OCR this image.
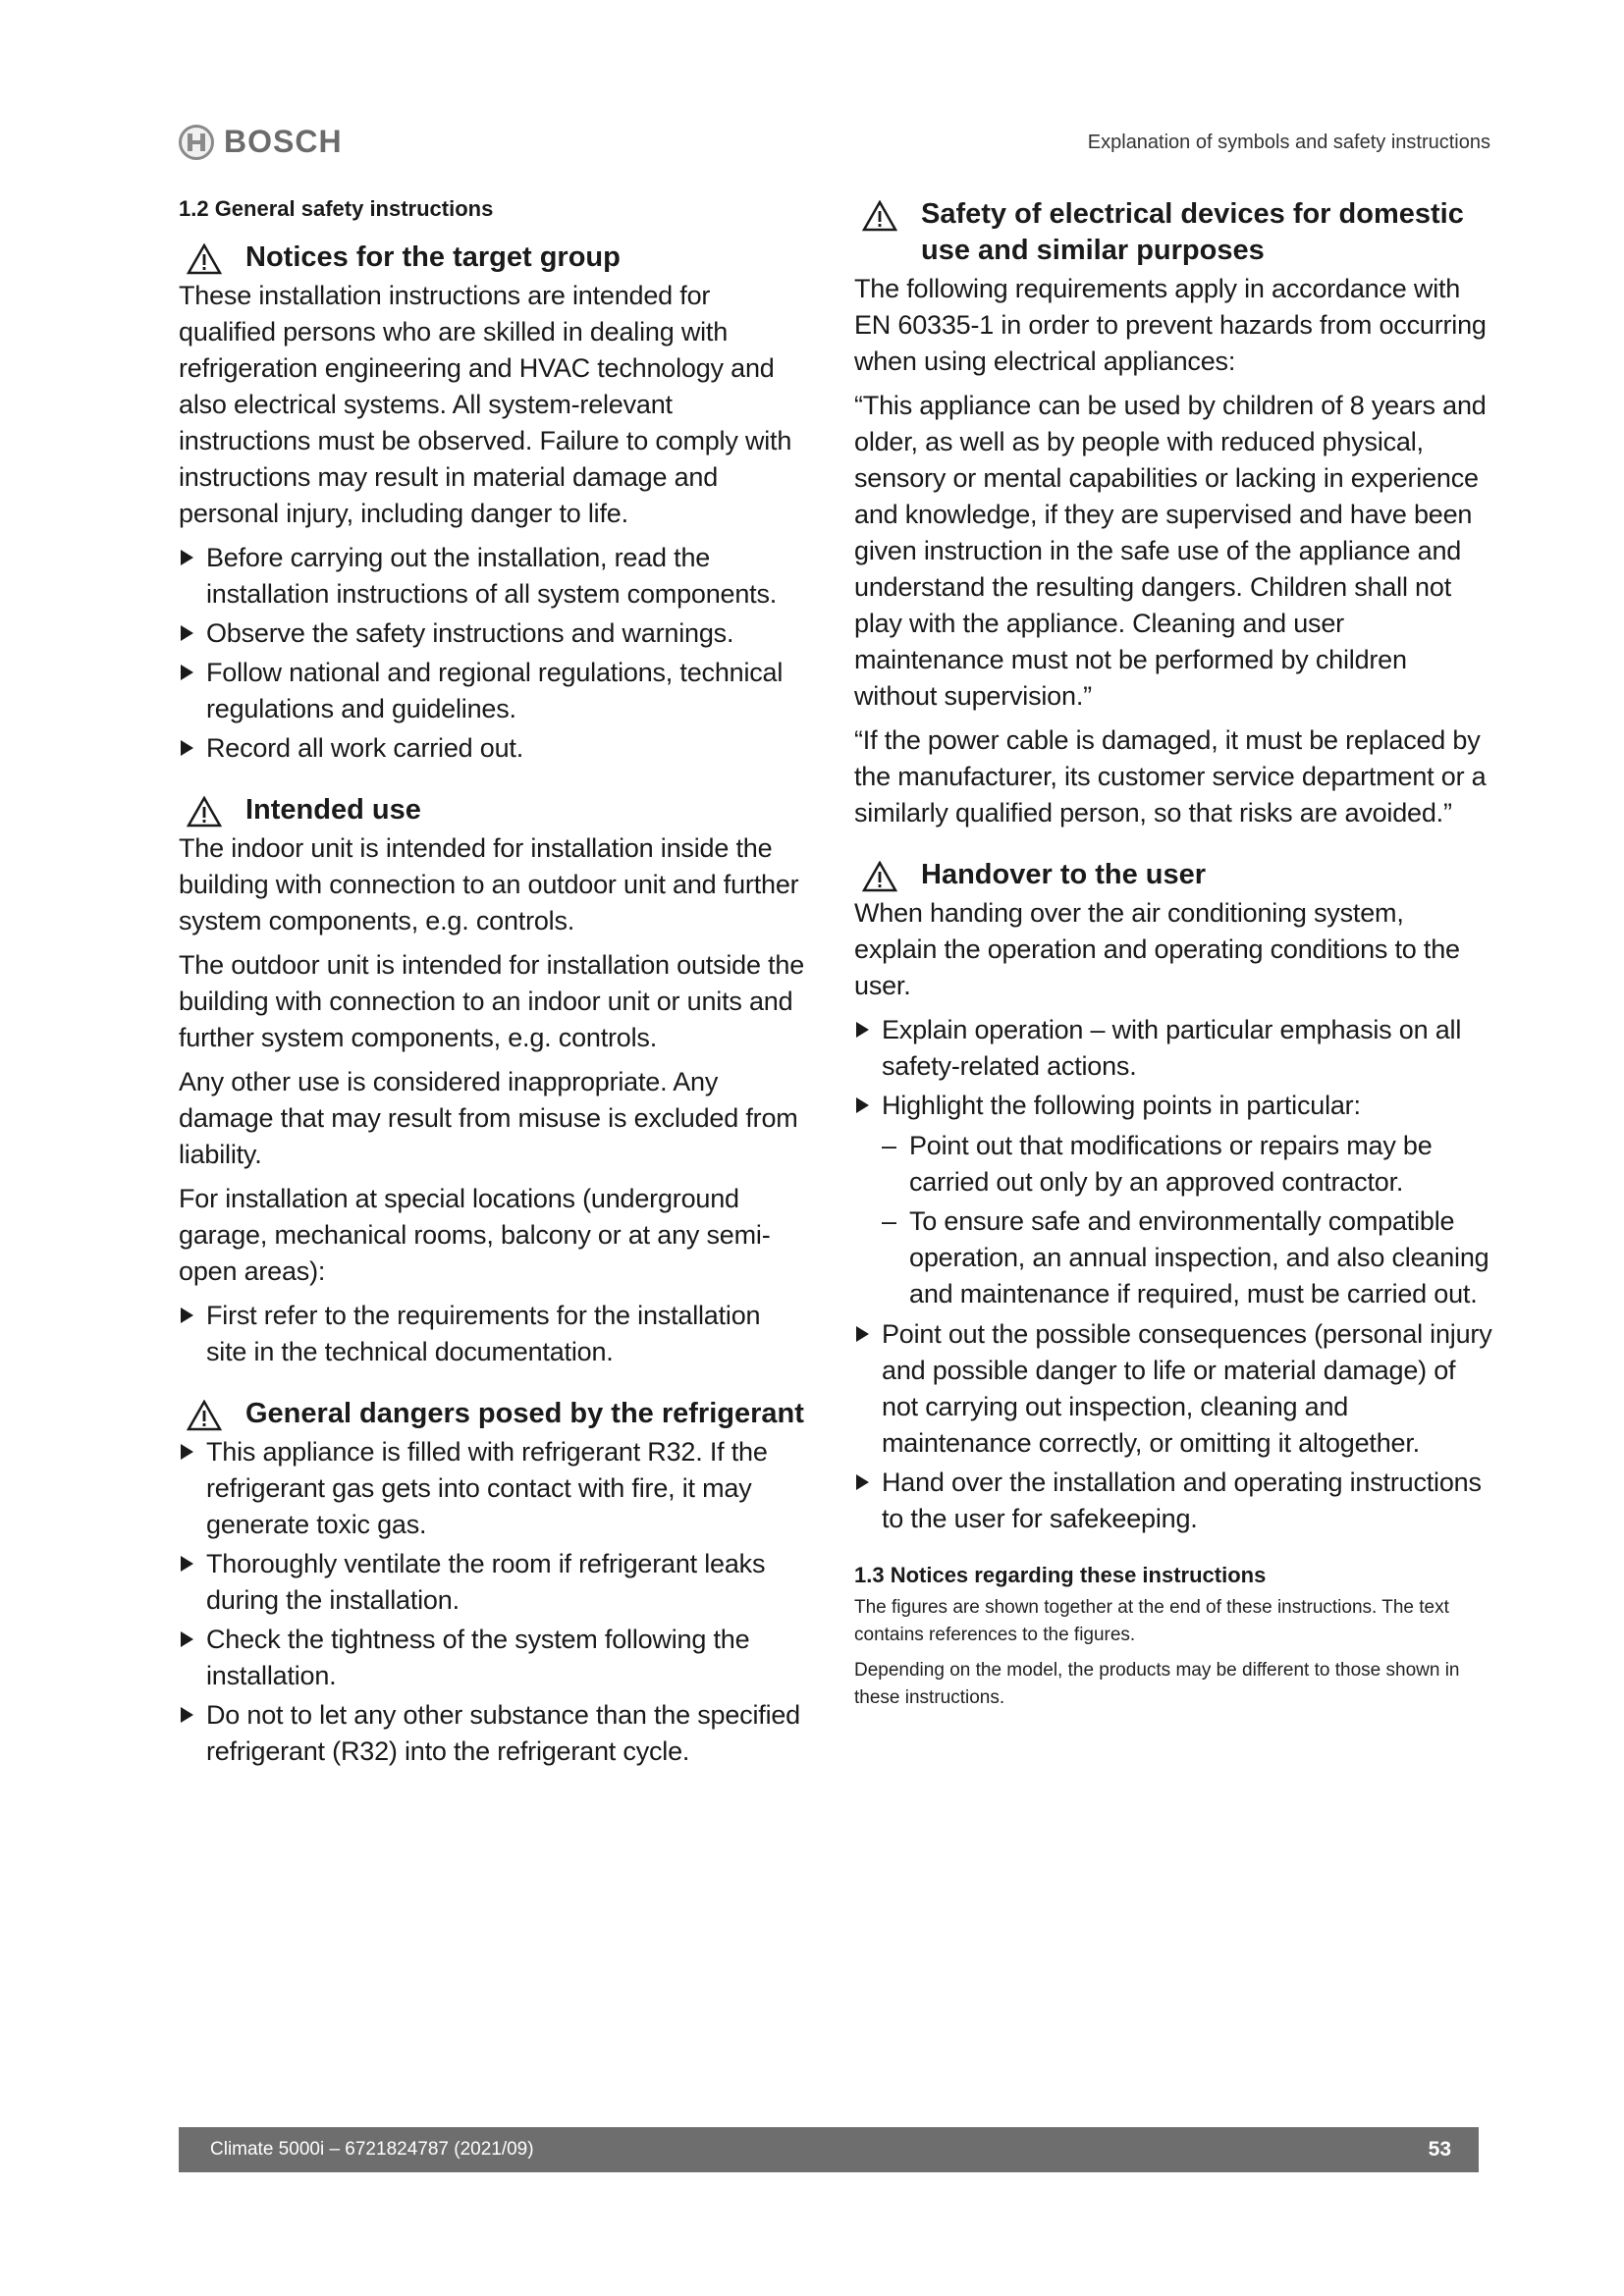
BOSCH	Explanation of symbols and safety instructions
1.2 General safety instructions
Notices for the target group

These installation instructions are intended for qualified persons who are skilled in dealing with refrigeration engineering and HVAC technology and also electrical systems. All system-relevant instructions must be observed. Failure to comply with instructions may result in material damage and personal injury, including danger to life.

Before carrying out the installation, read the installation instructions of all system components.
Observe the safety instructions and warnings.
Follow national and regional regulations, technical regulations and guidelines.
Record all work carried out.
Intended use

The indoor unit is intended for installation inside the building with connection to an outdoor unit and further system components, e.g. controls.

The outdoor unit is intended for installation outside the building with connection to an indoor unit or units and further system components, e.g. controls.

Any other use is considered inappropriate. Any damage that may result from misuse is excluded from liability.

For installation at special locations (underground garage, mechanical rooms, balcony or at any semi-open areas):

First refer to the requirements for the installation site in the technical documentation.
General dangers posed by the refrigerant
This appliance is filled with refrigerant R32. If the refrigerant gas gets into contact with fire, it may generate toxic gas.
Thoroughly ventilate the room if refrigerant leaks during the installation.
Check the tightness of the system following the installation.
Do not to let any other substance than the specified refrigerant (R32) into the refrigerant cycle.
Safety of electrical devices for domestic use and similar purposes

The following requirements apply in accordance with EN 60335-1 in order to prevent hazards from occurring when using electrical appliances:

“This appliance can be used by children of 8 years and older, as well as by people with reduced physical, sensory or mental capabilities or lacking in experience and knowledge, if they are supervised and have been given instruction in the safe use of the appliance and understand the resulting dangers. Children shall not play with the appliance. Cleaning and user maintenance must not be performed by children without supervision.”

“If the power cable is damaged, it must be replaced by the manufacturer, its customer service department or a similarly qualified person, so that risks are avoided.”

Handover to the user

When handing over the air conditioning system, explain the operation and operating conditions to the user.

Explain operation – with particular emphasis on all safety-related actions.
Highlight the following points in particular:
– Point out that modifications or repairs may be carried out only by an approved contractor.
– To ensure safe and environmentally compatible operation, an annual inspection, and also cleaning and maintenance if required, must be carried out.
Point out the possible consequences (personal injury and possible danger to life or material damage) of not carrying out inspection, cleaning and maintenance correctly, or omitting it altogether.
Hand over the installation and operating instructions to the user for safekeeping.
1.3 Notices regarding these instructions

The figures are shown together at the end of these instructions. The text contains references to the figures.

Depending on the model, the products may be different to those shown in these instructions.

Climate 5000i – 6721824787 (2021/09)	53
